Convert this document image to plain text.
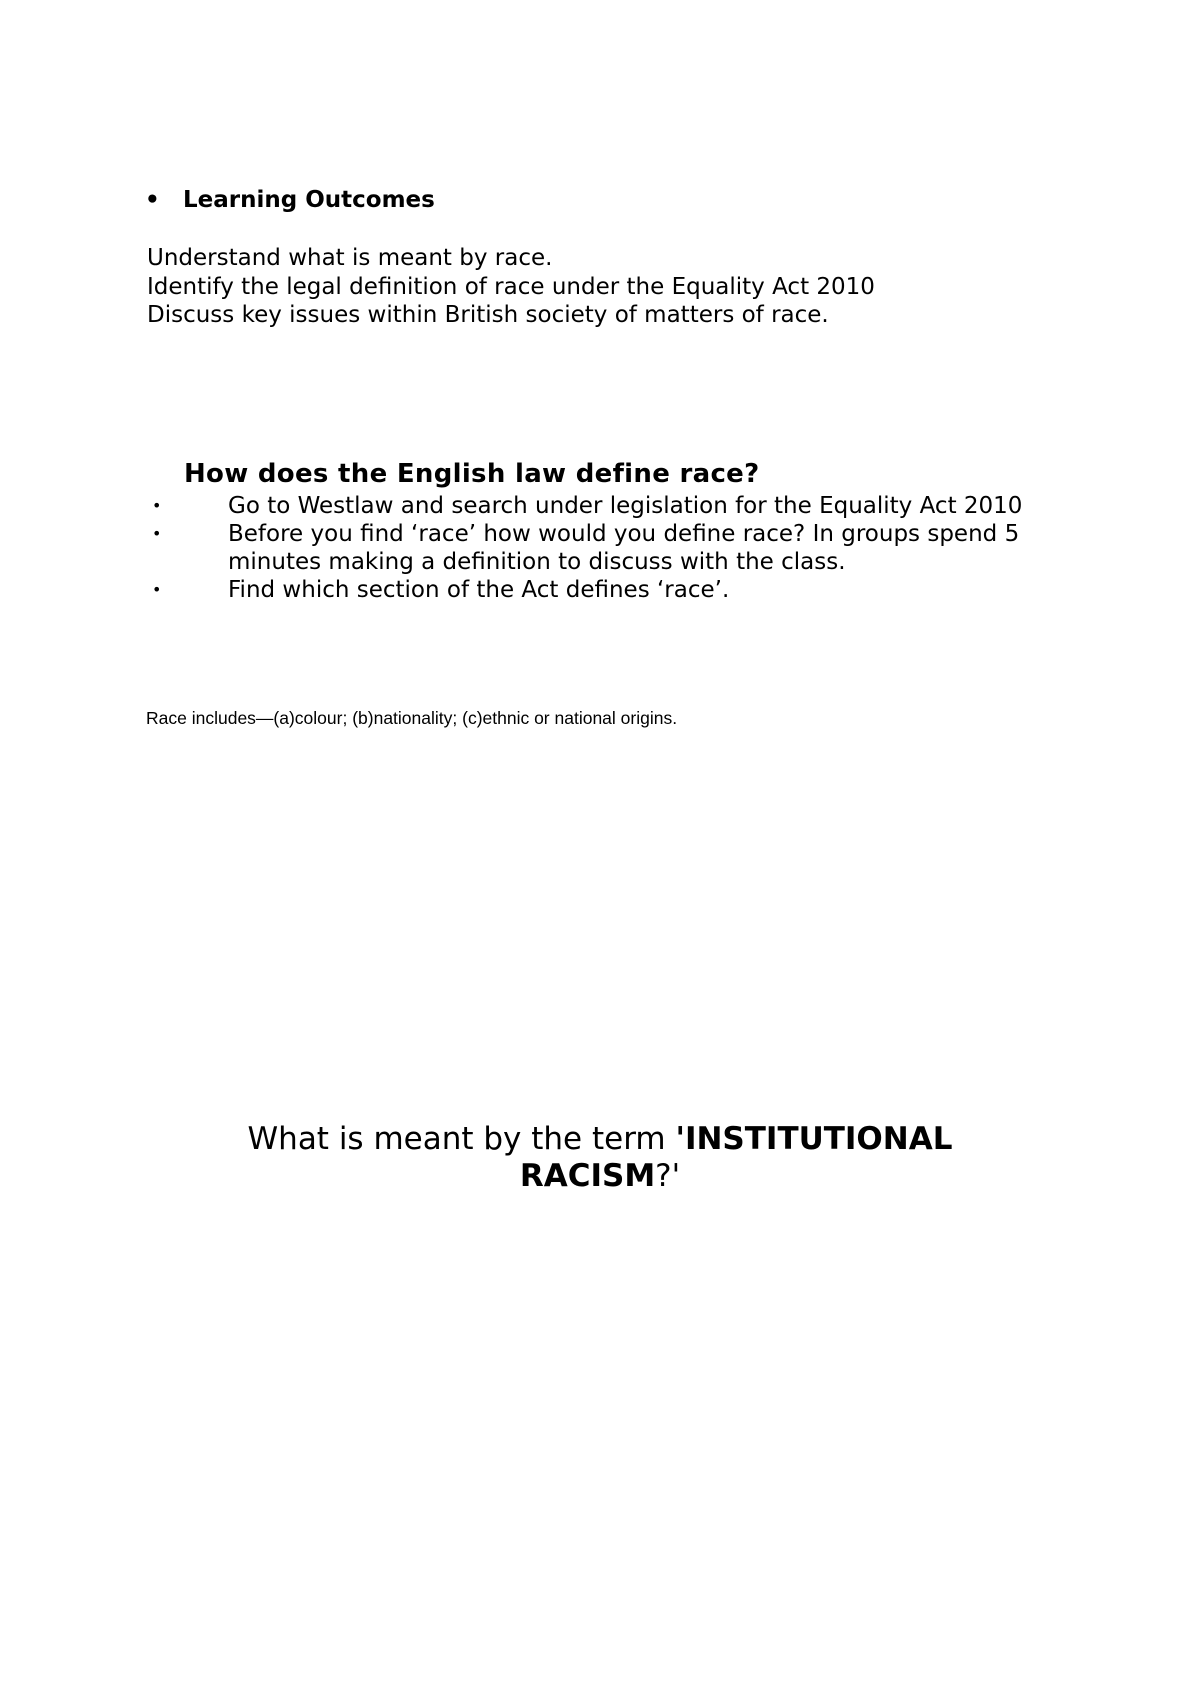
• Learning Outcomes
Understand what is meant by race.
Identify the legal definition of race under the Equality Act 2010
Discuss key issues within British society of matters of race.
How does the English law define race?
•	Go to Westlaw and search under legislation for the Equality Act 2010
•	Before you find ‘race’ how would you define race? In groups spend 5 minutes making a definition to discuss with the class.
•	Find which section of the Act defines ‘race’.
Race includes—(a)colour; (b)nationality; (c)ethnic or national origins.
What is meant by the term 'INSTITUTIONAL RACISM?'
